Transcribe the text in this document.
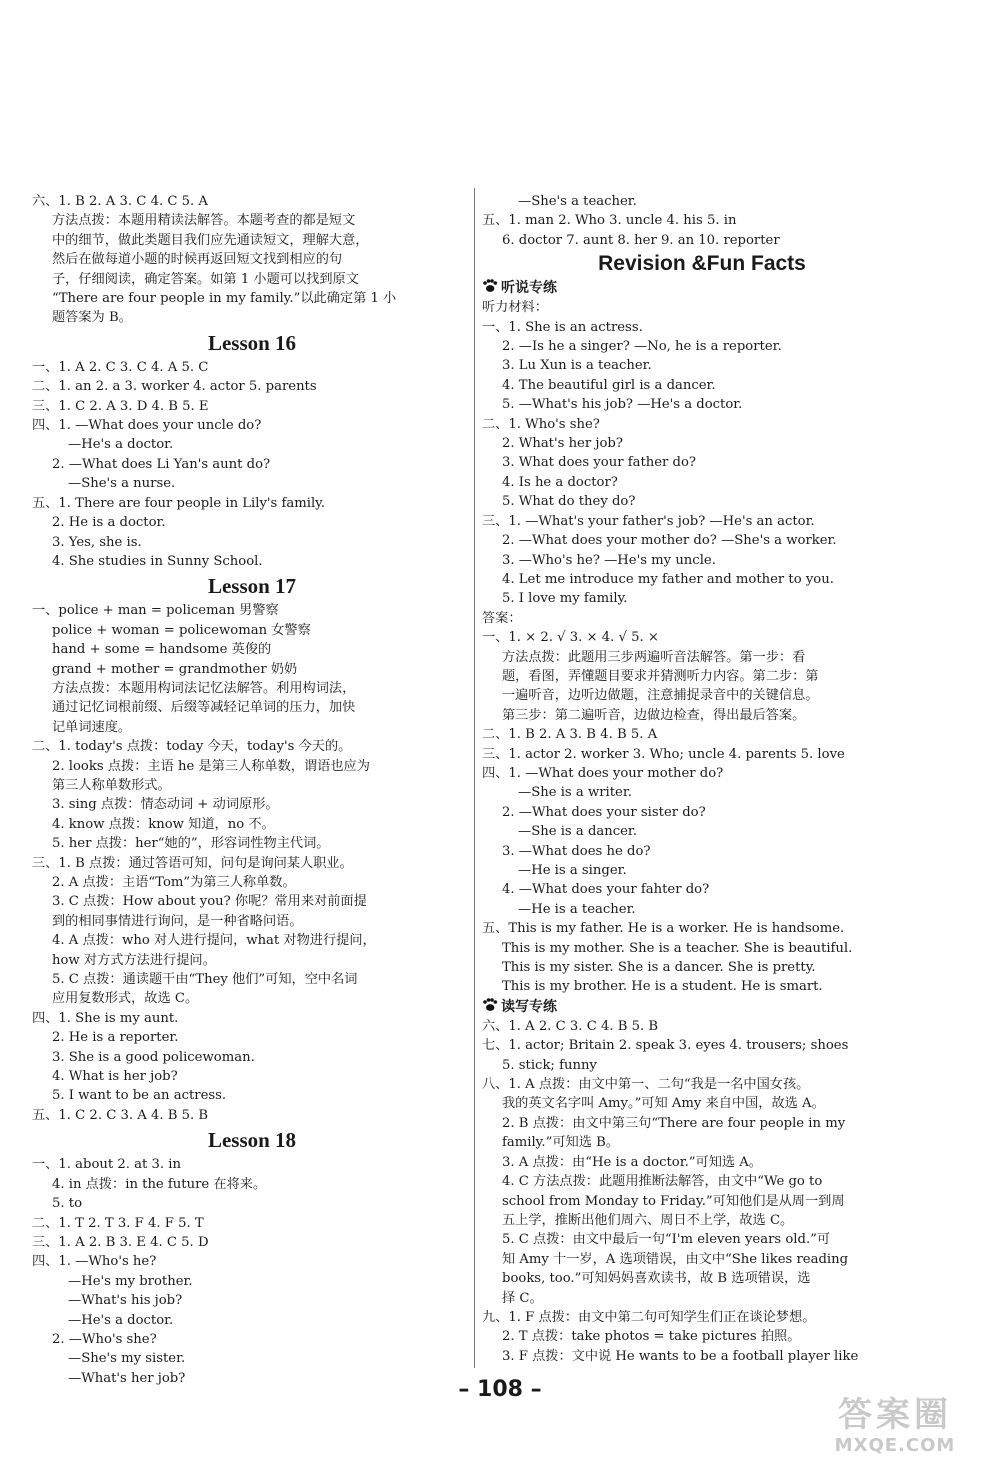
六、1. B 2. A 3. C 4. C 5. A
方法点拨：本题用精读法解答。本题考查的都是短文
中的细节，做此类题目我们应先通读短文，理解大意，
然后在做每道小题的时候再返回短文找到相应的句
子，仔细阅读，确定答案。如第 1 小题可以找到原文
“There are four people in my family.”以此确定第 1 小
题答案为 B。
Lesson 16
一、1. A 2. C 3. C 4. A 5. C
二、1. an 2. a 3. worker 4. actor 5. parents
三、1. C 2. A 3. D 4. B 5. E
四、1. —What does your uncle do?
—He's a doctor.
2. —What does Li Yan's aunt do?
—She's a nurse.
五、1. There are four people in Lily's family.
2. He is a doctor.
3. Yes, she is.
4. She studies in Sunny School.
Lesson 17
一、police + man = policeman 男警察
police + woman = policewoman 女警察
hand + some = handsome 英俊的
grand + mother = grandmother 奶奶
方法点拨：本题用构词法记忆法解答。利用构词法，
通过记忆词根前缀、后缀等减轻记单词的压力，加快
记单词速度。
二、1. today's 点拨：today 今天，today's 今天的。
2. looks 点拨：主语 he 是第三人称单数，谓语也应为
第三人称单数形式。
3. sing 点拨：情态动词 + 动词原形。
4. know 点拨：know 知道，no 不。
5. her 点拨：her“她的”，形容词性物主代词。
三、1. B 点拨：通过答语可知，问句是询问某人职业。
2. A 点拨：主语“Tom”为第三人称单数。
3. C 点拨：How about you? 你呢？常用来对前面提
到的相同事情进行询问，是一种省略问语。
4. A 点拨：who 对人进行提问，what 对物进行提问，
how 对方式方法进行提问。
5. C 点拨：通读题干由“They 他们”可知，空中名词
应用复数形式，故选 C。
四、1. She is my aunt.
2. He is a reporter.
3. She is a good policewoman.
4. What is her job?
5. I want to be an actress.
五、1. C 2. C 3. A 4. B 5. B
Lesson 18
一、1. about 2. at 3. in
4. in 点拨：in the future 在将来。
5. to
二、1. T 2. T 3. F 4. F 5. T
三、1. A 2. B 3. E 4. C 5. D
四、1. —Who's he?
—He's my brother.
—What's his job?
—He's a doctor.
2. —Who's she?
—She's my sister.
—What's her job?
—She's a teacher.
五、1. man 2. Who 3. uncle 4. his 5. in
6. doctor 7. aunt 8. her 9. an 10. reporter
Revision &Fun Facts
听说专练
听力材料：
一、1. She is an actress.
2. —Is he a singer? —No, he is a reporter.
3. Lu Xun is a teacher.
4. The beautiful girl is a dancer.
5. —What's his job? —He's a doctor.
二、1. Who's she?
2. What's her job?
3. What does your father do?
4. Is he a doctor?
5. What do they do?
三、1. —What's your father's job? —He's an actor.
2. —What does your mother do? —She's a worker.
3. —Who's he? —He's my uncle.
4. Let me introduce my father and mother to you.
5. I love my family.
答案：
一、1. × 2. √ 3. × 4. √ 5. ×
方法点拨：此题用三步两遍听音法解答。第一步：看
题，看图，弄懂题目要求并猜测听力内容。第二步：第
一遍听音，边听边做题，注意捕捉录音中的关键信息。
第三步：第二遍听音，边做边检查，得出最后答案。
二、1. B 2. A 3. B 4. B 5. A
三、1. actor 2. worker 3. Who; uncle 4. parents 5. love
四、1. —What does your mother do?
—She is a writer.
2. —What does your sister do?
—She is a dancer.
3. —What does he do?
—He is a singer.
4. —What does your fahter do?
—He is a teacher.
五、This is my father. He is a worker. He is handsome.
This is my mother. She is a teacher. She is beautiful.
This is my sister. She is a dancer. She is pretty.
This is my brother. He is a student. He is smart.
读写专练
六、1. A 2. C 3. C 4. B 5. B
七、1. actor; Britain 2. speak 3. eyes 4. trousers; shoes
5. stick; funny
八、1. A 点拨：由文中第一、二句“我是一名中国女孩。
我的英文名字叫 Amy。”可知 Amy 来自中国，故选 A。
2. B 点拨：由文中第三句“There are four people in my
family.”可知选 B。
3. A 点拨：由“He is a doctor.”可知选 A。
4. C 方法点拨：此题用推断法解答，由文中“We go to
school from Monday to Friday.”可知他们是从周一到周
五上学，推断出他们周六、周日不上学，故选 C。
5. C 点拨：由文中最后一句“I'm eleven years old.”可
知 Amy 十一岁，A 选项错误，由文中“She likes reading
books, too.”可知妈妈喜欢读书，故 B 选项错误，选
择 C。
九、1. F 点拨：由文中第二句可知学生们正在谈论梦想。
2. T 点拨：take photos = take pictures 拍照。
3. F 点拨：文中说 He wants to be a football player like
– 108 –
答案圈
MXQE.COM
